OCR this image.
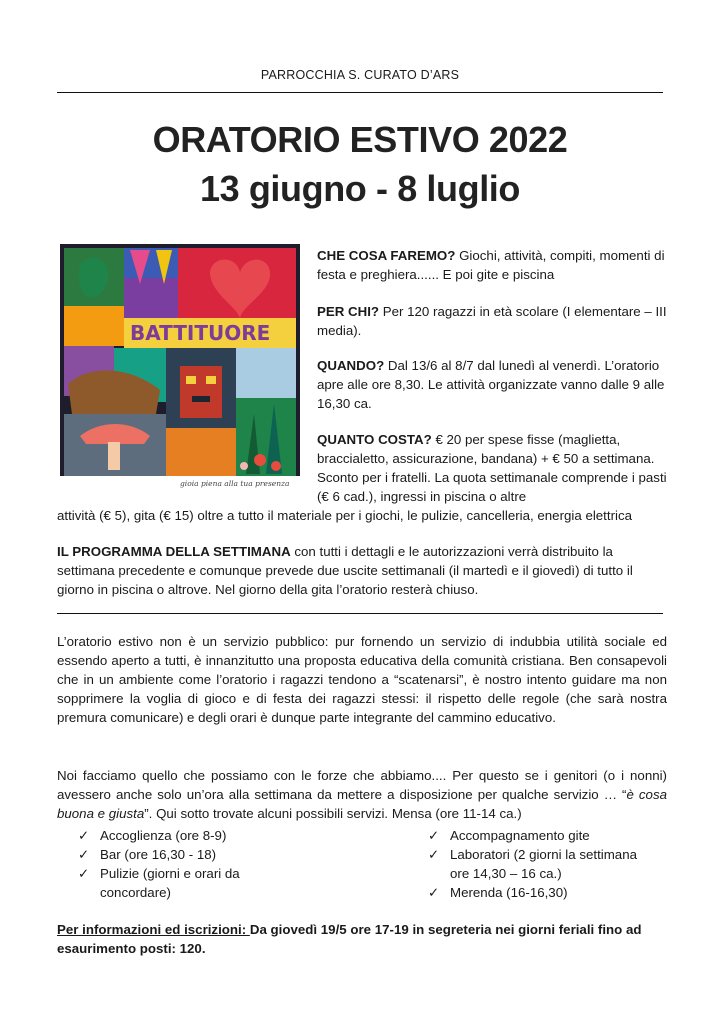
PARROCCHIA S. CURATO D’ARS
ORATORIO ESTIVO 2022
13 giugno - 8 luglio
BATTITUORE
gioia piena alla tua presenza
CHE COSA FAREMO? Giochi, attività, compiti, momenti di festa e preghiera...... E poi gite e piscina
PER CHI? Per 120 ragazzi in età scolare (I elementare – III media).
QUANDO? Dal 13/6 al 8/7 dal lunedì al venerdì. L’oratorio apre alle ore 8,30. Le attività organizzate vanno dalle 9 alle 16,30 ca.
QUANTO COSTA? € 20 per spese fisse (maglietta, braccialetto, assicurazione, bandana) + € 50 a settimana. Sconto per i fratelli. La quota settimanale comprende i pasti (€ 6 cad.), ingressi in piscina o altre
attività (€ 5), gita (€ 15) oltre a tutto il materiale per i giochi, le pulizie, cancelleria, energia elettrica
IL PROGRAMMA DELLA SETTIMANA con tutti i dettagli e le autorizzazioni verrà distribuito la settimana precedente e comunque prevede due uscite settimanali (il martedì e il giovedì) di tutto il giorno in piscina o altrove. Nel giorno della gita l’oratorio resterà chiuso.
L’oratorio estivo non è un servizio pubblico: pur fornendo un servizio di indubbia utilità sociale ed essendo aperto a tutti, è innanzitutto una proposta educativa della comunità cristiana. Ben consapevoli che in un ambiente come l’oratorio i ragazzi tendono a “scatenarsi”, è nostro intento guidare ma non sopprimere la voglia di gioco e di festa dei ragazzi stessi: il rispetto delle regole (che sarà nostra premura comunicare) e degli orari è dunque parte integrante del cammino educativo.
Noi facciamo quello che possiamo con le forze che abbiamo.... Per questo se i genitori (o i nonni) avessero anche solo un’ora alla settimana da mettere a disposizione per qualche servizio … “è cosa buona e giusta”. Qui sotto trovate alcuni possibili servizi. Mensa (ore 11-14 ca.)
✓ Accoglienza (ore 8-9)
✓ Bar (ore 16,30 - 18)
✓ Pulizie (giorni e orari da
concordare)
✓ Accompagnamento gite
✓ Laboratori (2 giorni la settimana
ore 14,30 – 16 ca.)
✓ Merenda (16-16,30)
Per informazioni ed iscrizioni: Da giovedì 19/5 ore 17-19 in segreteria nei giorni feriali fino ad esaurimento posti: 120.
